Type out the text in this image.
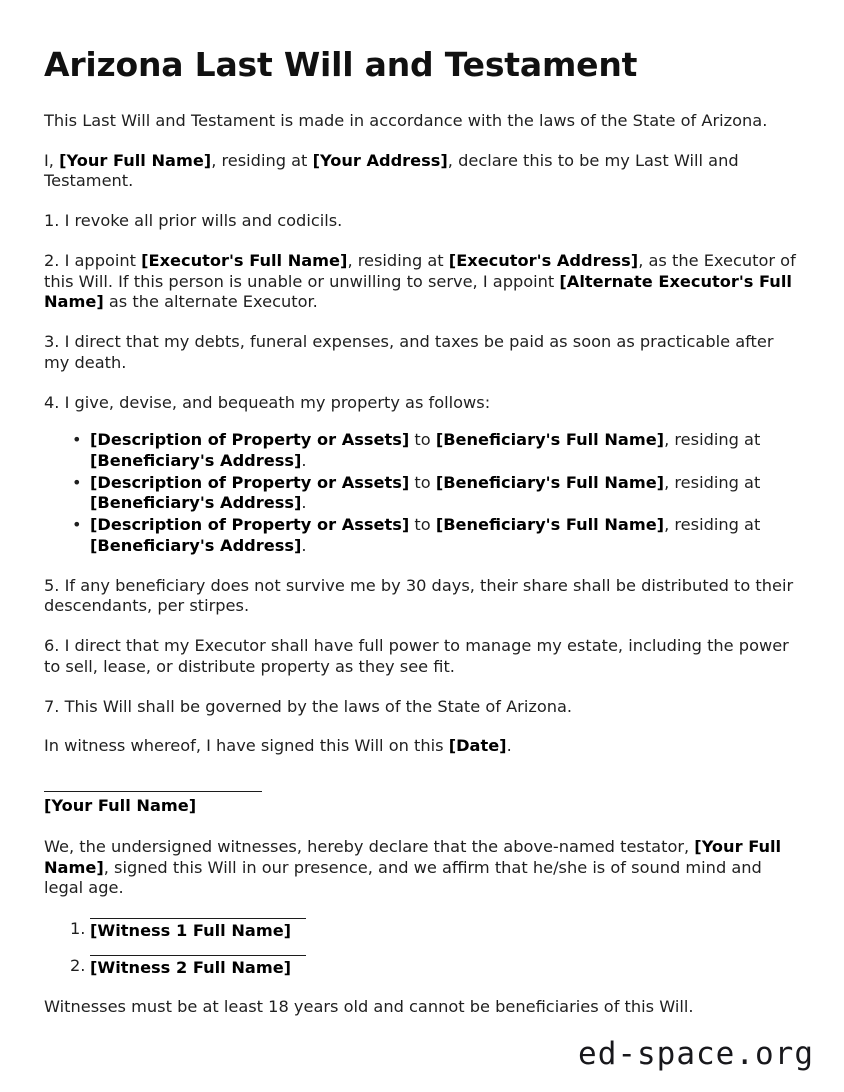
Arizona Last Will and Testament

This Last Will and Testament is made in accordance with the laws of the State of Arizona.

I, [Your Full Name], residing at [Your Address], declare this to be my Last Will and Testament.

1. I revoke all prior wills and codicils.

2. I appoint [Executor's Full Name], residing at [Executor's Address], as the Executor of this Will. If this person is unable or unwilling to serve, I appoint [Alternate Executor's Full Name] as the alternate Executor.

3. I direct that my debts, funeral expenses, and taxes be paid as soon as practicable after my death.

4. I give, devise, and bequeath my property as follows:

• [Description of Property or Assets] to [Beneficiary's Full Name], residing at [Beneficiary's Address].
• [Description of Property or Assets] to [Beneficiary's Full Name], residing at [Beneficiary's Address].
• [Description of Property or Assets] to [Beneficiary's Full Name], residing at [Beneficiary's Address].

5. If any beneficiary does not survive me by 30 days, their share shall be distributed to their descendants, per stirpes.

6. I direct that my Executor shall have full power to manage my estate, including the power to sell, lease, or distribute property as they see fit.

7. This Will shall be governed by the laws of the State of Arizona.

In witness whereof, I have signed this Will on this [Date].

[Your Full Name]

We, the undersigned witnesses, hereby declare that the above-named testator, [Your Full Name], signed this Will in our presence, and we affirm that he/she is of sound mind and legal age.

1. [Witness 1 Full Name]
2. [Witness 2 Full Name]

Witnesses must be at least 18 years old and cannot be beneficiaries of this Will.

ed-space.org
